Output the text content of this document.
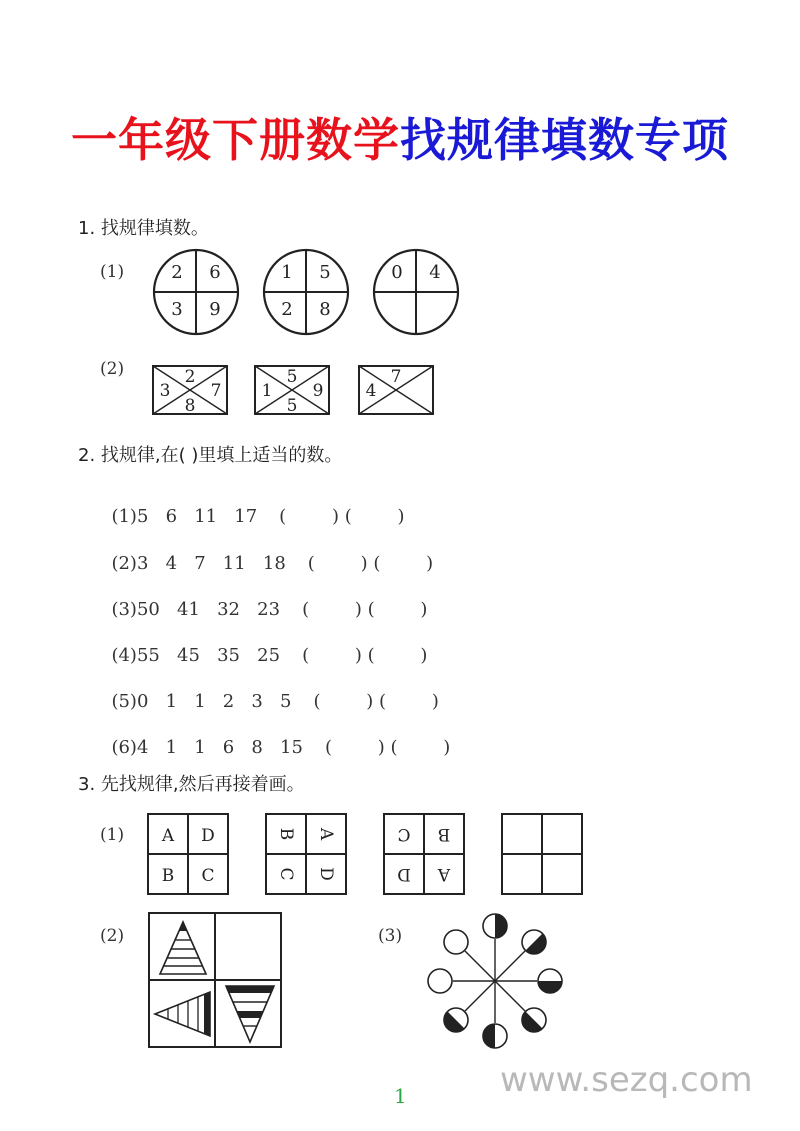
一年级下册数学找规律填数专项
1. 找规律填数。
(1)	2 6
3 9
1 5
2 8
0 4
(2)
3
2
7
8
1
5
9
5
4
7
2. 找规律,在( )里填上适当的数。

(1)5   6   11   17 (        ) (        )

(2)3   4   7   11   18 (        ) (        )

(3)50   41   32   23 (        ) (        )

(4)55   45   35   25 (        ) (        )

(5)0   1   1   2   3   5 (        ) (        )

(6)4   1   1   6   8   15 (        ) (        )

3. 先找规律,然后再接着画。
(1) A D
B C
B A
C D
C B
D A
(2)	(3)
1	www.sezq.com
